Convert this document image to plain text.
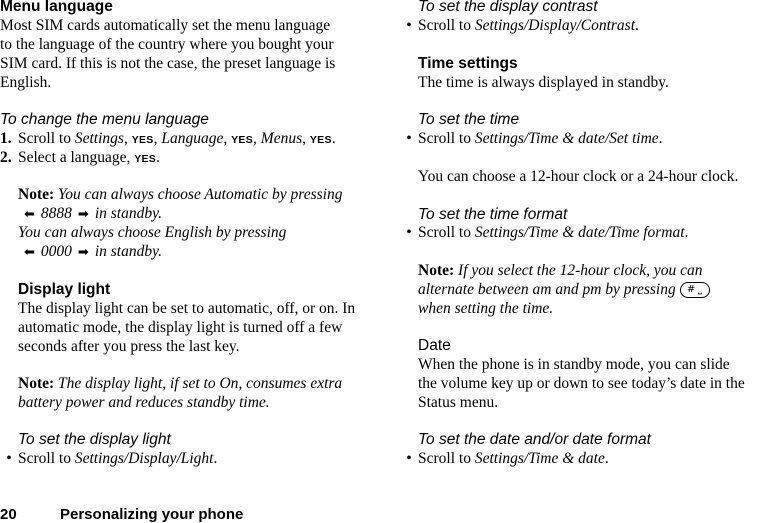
Menu language
Most SIM cards automatically set the menu language
to the language of the country where you bought your
SIM card. If this is not the case, the preset language is
English.
To change the menu language
1. Scroll to Settings, YES, Language, YES, Menus, YES.
2. Select a language, YES.
Note: You can always choose Automatic by pressing
⬅ 8888 ➡ in standby.
You can always choose English by pressing
⬅ 0000 ➡ in standby.
Display light
The display light can be set to automatic, off, or on. In
automatic mode, the display light is turned off a few
seconds after you press the last key.
Note: The display light, if set to On, consumes extra
battery power and reduces standby time.
To set the display light
• Scroll to Settings/Display/Light.
To set the display contrast
• Scroll to Settings/Display/Contrast.
Time settings
The time is always displayed in standby.
To set the time
• Scroll to Settings/Time & date/Set time.
You can choose a 12-hour clock or a 24-hour clock.
To set the time format
• Scroll to Settings/Time & date/Time format.
Note: If you select the 12-hour clock, you can
alternate between am and pm by pressing # ⎵
when setting the time.
Date
When the phone is in standby mode, you can slide
the volume key up or down to see today’s date in the
Status menu.
To set the date and/or date format
• Scroll to Settings/Time & date.
20	Personalizing your phone
